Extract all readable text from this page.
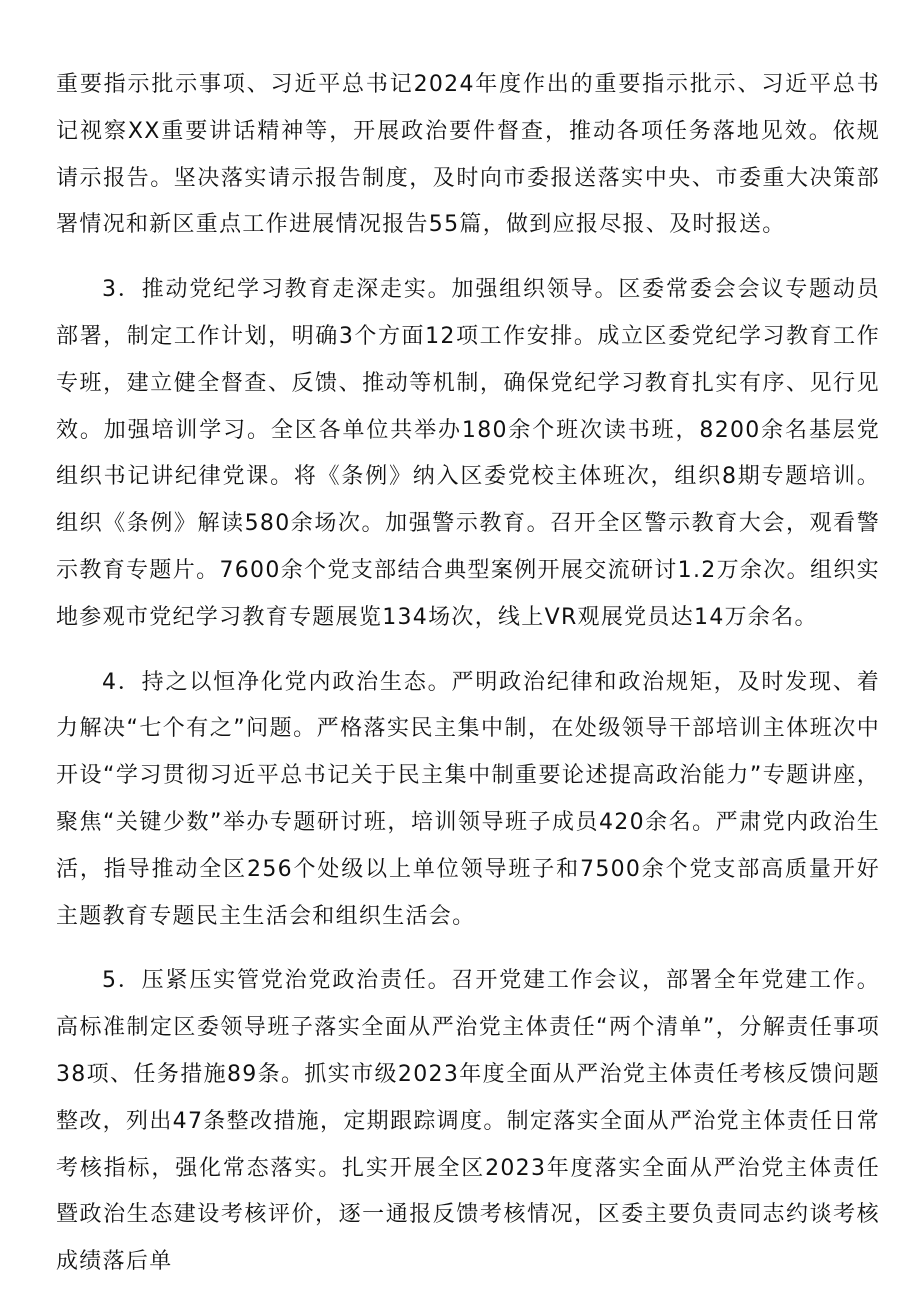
重要指示批示事项、习近平总书记2024年度作出的重要指示批示、习近平总书记视察XX重要讲话精神等，开展政治要件督查，推动各项任务落地见效。依规请示报告。坚决落实请示报告制度，及时向市委报送落实中央、市委重大决策部署情况和新区重点工作进展情况报告55篇，做到应报尽报、及时报送。

3．推动党纪学习教育走深走实。加强组织领导。区委常委会会议专题动员部署，制定工作计划，明确3个方面12项工作安排。成立区委党纪学习教育工作专班，建立健全督查、反馈、推动等机制，确保党纪学习教育扎实有序、见行见效。加强培训学习。全区各单位共举办180余个班次读书班，8200余名基层党组织书记讲纪律党课。将《条例》纳入区委党校主体班次，组织8期专题培训。组织《条例》解读580余场次。加强警示教育。召开全区警示教育大会，观看警示教育专题片。7600余个党支部结合典型案例开展交流研讨1.2万余次。组织实地参观市党纪学习教育专题展览134场次，线上VR观展党员达14万余名。

4．持之以恒净化党内政治生态。严明政治纪律和政治规矩，及时发现、着力解决“七个有之”问题。严格落实民主集中制，在处级领导干部培训主体班次中开设“学习贯彻习近平总书记关于民主集中制重要论述提高政治能力”专题讲座，聚焦“关键少数”举办专题研讨班，培训领导班子成员420余名。严肃党内政治生活，指导推动全区256个处级以上单位领导班子和7500余个党支部高质量开好主题教育专题民主生活会和组织生活会。

5．压紧压实管党治党政治责任。召开党建工作会议，部署全年党建工作。高标准制定区委领导班子落实全面从严治党主体责任“两个清单”，分解责任事项38项、任务措施89条。抓实市级2023年度全面从严治党主体责任考核反馈问题整改，列出47条整改措施，定期跟踪调度。制定落实全面从严治党主体责任日常考核指标，强化常态落实。扎实开展全区2023年度落实全面从严治党主体责任暨政治生态建设考核评价，逐一通报反馈考核情况，区委主要负责同志约谈考核成绩落后单
